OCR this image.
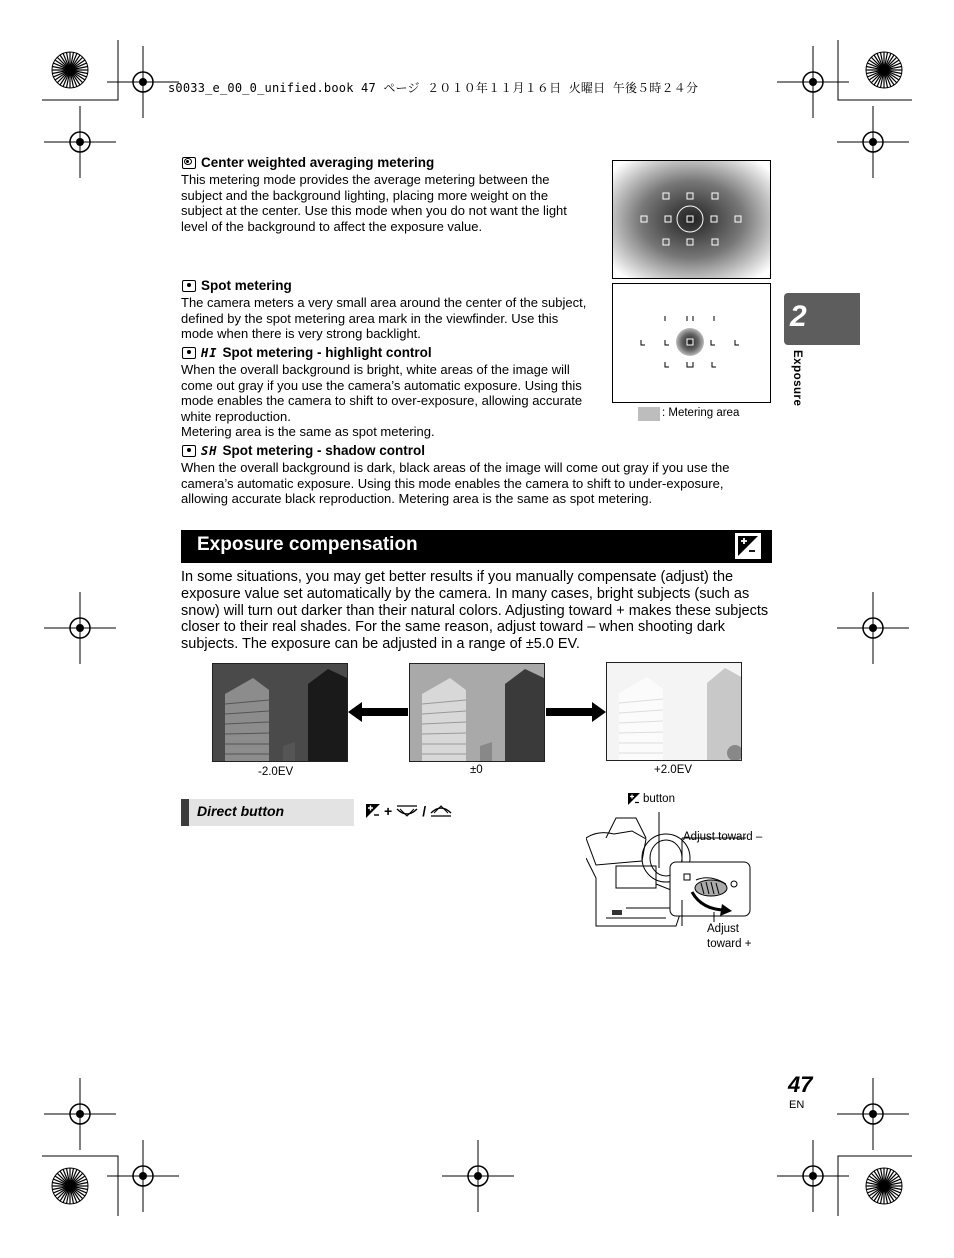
s0033_e_00_0_unified.book 47 ページ ２０１０年１１月１６日 火曜日 午後５時２４分
Center weighted averaging metering
This metering mode provides the average metering between the
subject and the background lighting, placing more weight on the
subject at the center. Use this mode when you do not want the light
level of the background to affect the exposure value.
Spot metering
The camera meters a very small area around the center of the subject,
defined by the spot metering area mark in the viewfinder. Use this
mode when there is very strong backlight.
HI Spot metering - highlight control
When the overall background is bright, white areas of the image will
come out gray if you use the camera’s automatic exposure. Using this
mode enables the camera to shift to over-exposure, allowing accurate
white reproduction.
Metering area is the same as spot metering.
SH Spot metering - shadow control
When the overall background is dark, black areas of the image will come out gray if you use the
camera’s automatic exposure. Using this mode enables the camera to shift to under-exposure,
allowing accurate black reproduction. Metering area is the same as spot metering.
: Metering area
2
Exposure
Exposure compensation
In some situations, you may get better results if you manually compensate (adjust) the
exposure value set automatically by the camera. In many cases, bright subjects (such as
snow) will turn out darker than their natural colors. Adjusting toward + makes these subjects
closer to their real shades. For the same reason, adjust toward – when shooting dark
subjects. The exposure can be adjusted in a range of ±5.0 EV.
-2.0EV	±0	+2.0EV
Direct button	+ /
button
Adjust toward –
Adjust
toward +
47
EN
